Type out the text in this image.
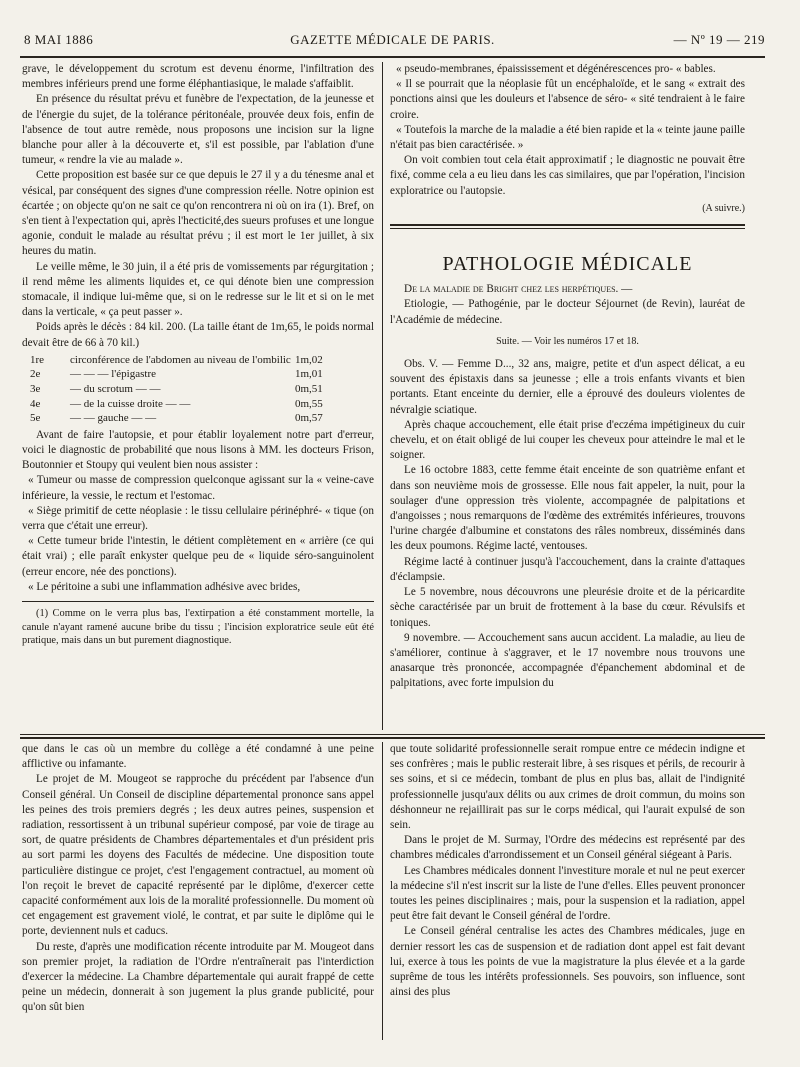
8 MAI 1886	GAZETTE MÉDICALE DE PARIS.	— Nº 19 — 219

grave, le développement du scrotum est devenu énorme, l'infiltration des membres inférieurs prend une forme éléphantiasique, le malade s'affaiblit.

En présence du résultat prévu et funèbre de l'expectation, de la jeunesse et de l'énergie du sujet, de la tolérance péritonéale, prouvée deux fois, enfin de l'absence de tout autre remède, nous proposons une incision sur la ligne blanche pour aller à la découverte et, s'il est possible, par l'ablation d'une tumeur, « rendre la vie au malade ».

Cette proposition est basée sur ce que depuis le 27 il y a du ténesme anal et vésical, par conséquent des signes d'une compression réelle. Notre opinion est écartée ; on objecte qu'on ne sait ce qu'on rencontrera ni où on ira (1). Bref, on s'en tient à l'expectation qui, après l'hecticité,des sueurs profuses et une longue agonie, conduit le malade au résultat prévu ; il est mort le 1er juillet, à six heures du matin.

Le veille même, le 30 juin, il a été pris de vomissements par régurgitation ; il rend même les aliments liquides et, ce qui dénote bien une compression stomacale, il indique lui-même que, si on le redresse sur le lit et si on le met dans la verticale, « ça peut passer ».

Poids après le décès : 84 kil. 200. (La taille étant de 1m,65, le poids normal devait être de 66 à 70 kil.)

1re	circonférence de l'abdomen au niveau de l'ombilic 1m,02
2e	— — — l'épigastre	1m,01
3e	— du scrotum — —	0m,51
4e	— de la cuisse droite — —	0m,55
5e	— — gauche — —	0m,57

Avant de faire l'autopsie, et pour établir loyalement notre part d'erreur, voici le diagnostic de probabilité que nous lisons à MM. les docteurs Frison, Boutonnier et Stoupy qui veulent bien nous assister :

« Tumeur ou masse de compression quelconque agissant sur la « veine-cave inférieure, la vessie, le rectum et l'estomac.

« Siège primitif de cette néoplasie : le tissu cellulaire périnéphré- « tique (on verra que c'était une erreur).

« Cette tumeur bride l'intestin, le détient complètement en « arrière (ce qui était vrai) ; elle paraît enkyster quelque peu de « liquide séro-sanguinolent (erreur encore, née des ponctions).

« Le péritoine a subi une inflammation adhésive avec brides,

(1) Comme on le verra plus bas, l'extirpation a été constamment mortelle, la canule n'ayant ramené aucune bribe du tissu ; l'incision exploratrice seule eût été pratique, mais dans un but purement diagnostique.

« pseudo-membranes, épaississement et dégénérescences pro- « bables.

« Il se pourrait que la néoplasie fût un encéphaloïde, et le sang « extrait des ponctions ainsi que les douleurs et l'absence de séro- « sité tendraient à le faire croire.

« Toutefois la marche de la maladie a été bien rapide et la « teinte jaune paille n'était pas bien caractérisée. »

On voit combien tout cela était approximatif ; le diagnostic ne pouvait être fixé, comme cela a eu lieu dans les cas similaires, que par l'opération, l'incision exploratrice ou l'autopsie.

(A suivre.)
PATHOLOGIE MÉDICALE

De la maladie de Bright chez les herpétiques. —

Etiologie, — Pathogénie, par le docteur Séjournet (de Revin), lauréat de l'Académie de médecine.

Suite. — Voir les numéros 17 et 18.

Obs. V. — Femme D..., 32 ans, maigre, petite et d'un aspect délicat, a eu souvent des épistaxis dans sa jeunesse ; elle a trois enfants vivants et bien portants. Etant enceinte du dernier, elle a éprouvé des douleurs violentes de névralgie sciatique.

Après chaque accouchement, elle était prise d'eczéma impétigineux du cuir chevelu, et on était obligé de lui couper les cheveux pour atteindre le mal et le soigner.

Le 16 octobre 1883, cette femme était enceinte de son quatrième enfant et dans son neuvième mois de grossesse. Elle nous fait appeler, la nuit, pour la soulager d'une oppression très violente, accompagnée de palpitations et d'angoisses ; nous remarquons de l'œdème des extrémités inférieures, trouvons l'urine chargée d'albumine et constatons des râles nombreux, disséminés dans les deux poumons. Régime lacté, ventouses.

Régime lacté à continuer jusqu'à l'accouchement, dans la crainte d'attaques d'éclampsie.

Le 5 novembre, nous découvrons une pleurésie droite et de la péricardite sèche caractérisée par un bruit de frottement à la base du cœur. Révulsifs et toniques.

9 novembre. — Accouchement sans aucun accident. La maladie, au lieu de s'améliorer, continue à s'aggraver, et le 17 novembre nous trouvons une anasarque très prononcée, accompagnée d'épanchement abdominal et de palpitations, avec forte impulsion du

que dans le cas où un membre du collège a été condamné à une peine afflictive ou infamante.

Le projet de M. Mougeot se rapproche du précédent par l'absence d'un Conseil général. Un Conseil de discipline départemental prononce sans appel les peines des trois premiers degrés ; les deux autres peines, suspension et radiation, ressortissent à un tribunal supérieur composé, par voie de tirage au sort, de quatre présidents de Chambres départementales et d'un président pris au sort parmi les doyens des Facultés de médecine. Une disposition toute particulière distingue ce projet, c'est l'engagement contractuel, au moment où l'on reçoit le brevet de capacité représenté par le diplôme, d'exercer cette capacité conformément aux lois de la moralité professionnelle. Du moment où cet engagement est gravement violé, le contrat, et par suite le diplôme qui le porte, deviennent nuls et caducs.

Du reste, d'après une modification récente introduite par M. Mougeot dans son premier projet, la radiation de l'Ordre n'entraînerait pas l'interdiction d'exercer la médecine. La Chambre départementale qui aurait frappé de cette peine un médecin, donnerait à son jugement la plus grande publicité, pour qu'on sût bien

que toute solidarité professionnelle serait rompue entre ce médecin indigne et ses confrères ; mais le public resterait libre, à ses risques et périls, de recourir à ses soins, et si ce médecin, tombant de plus en plus bas, allait de l'indignité professionnelle jusqu'aux délits ou aux crimes de droit commun, du moins son déshonneur ne rejaillirait pas sur le corps médical, qui l'aurait expulsé de son sein.

Dans le projet de M. Surmay, l'Ordre des médecins est représenté par des chambres médicales d'arrondissement et un Conseil général siégeant à Paris.

Les Chambres médicales donnent l'investiture morale et nul ne peut exercer la médecine s'il n'est inscrit sur la liste de l'une d'elles. Elles peuvent prononcer toutes les peines disciplinaires ; mais, pour la suspension et la radiation, appel peut être fait devant le Conseil général de l'ordre.

Le Conseil général centralise les actes des Chambres médicales, juge en dernier ressort les cas de suspension et de radiation dont appel est fait devant lui, exerce à tous les points de vue la magistrature la plus élevée et a la garde suprême de tous les intérêts professionnels. Ses pouvoirs, son influence, sont ainsi des plus
